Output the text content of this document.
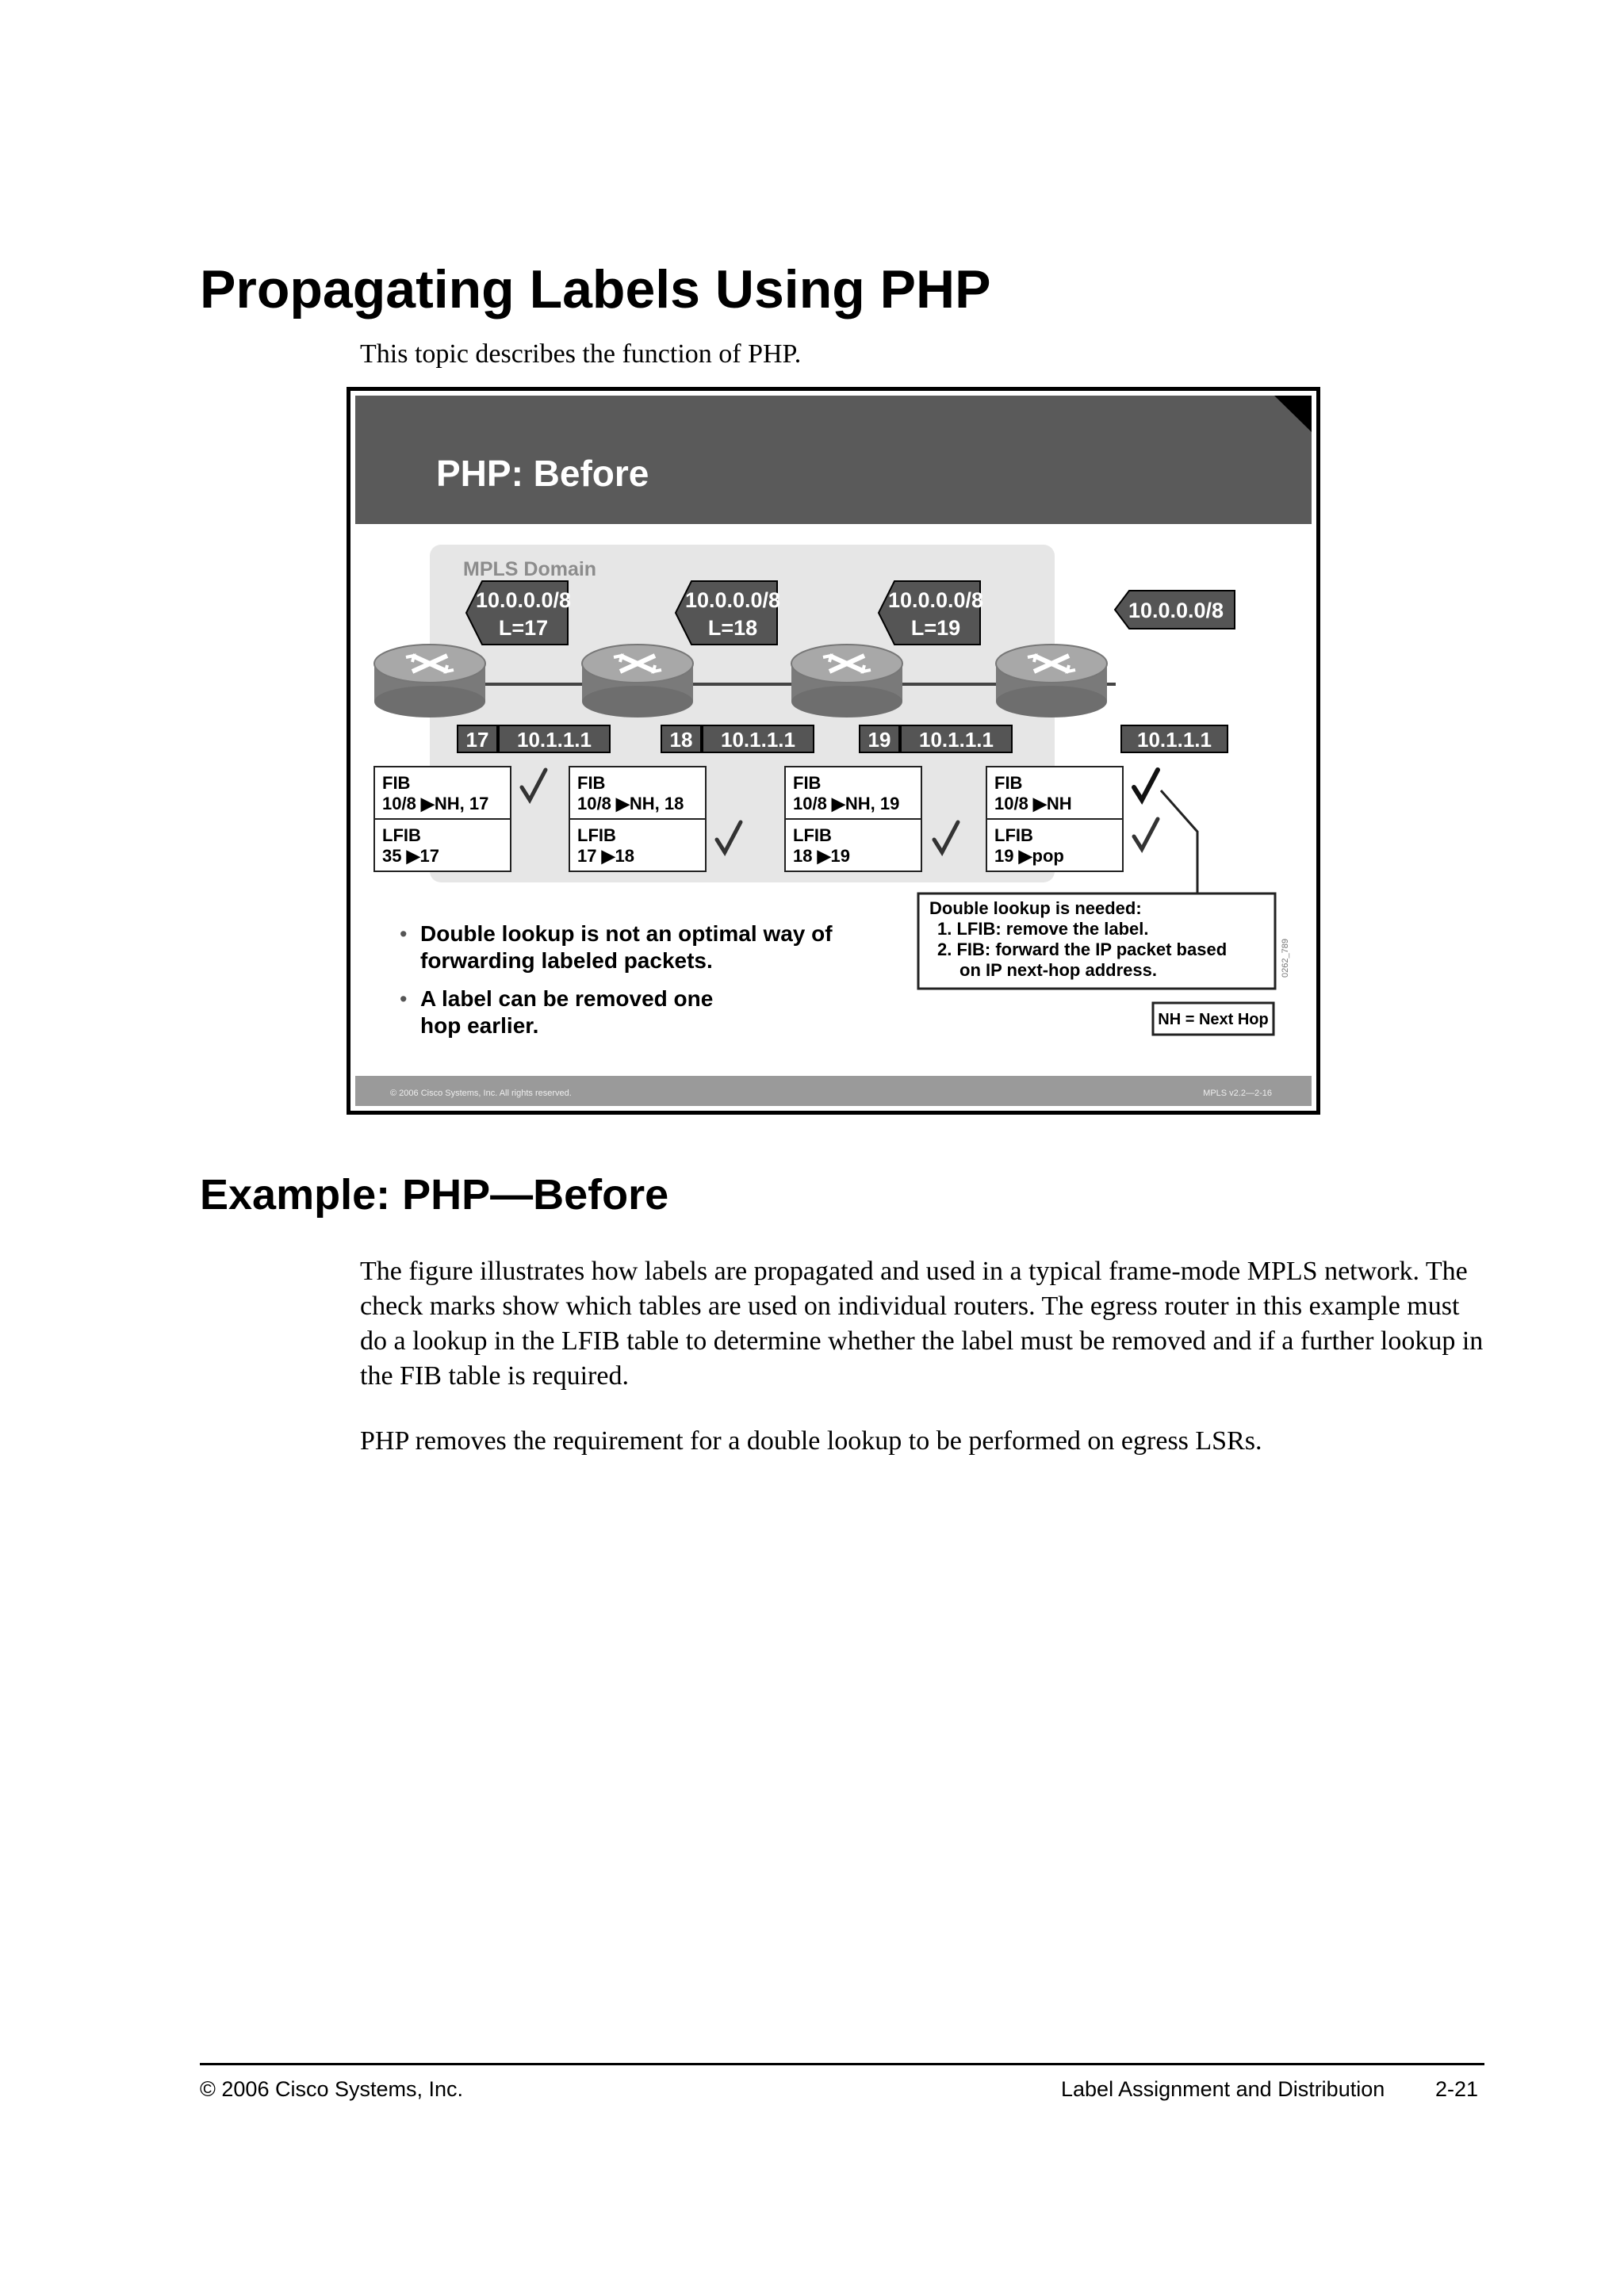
Propagating Labels Using PHP
This topic describes the function of PHP.
PHP: Before
MPLS Domain
10.0.0.0/8
L=17
10.0.0.0/8
L=18
10.0.0.0/8
L=19
10.0.0.0/8
17 10.1.1.1	18 10.1.1.1	19 10.1.1.1	10.1.1.1
FIB
10/8 ▶NH, 17
LFIB
35 ▶17
FIB
10/8 ▶NH, 18
LFIB
17 ▶18
FIB
10/8 ▶NH, 19
LFIB
18 ▶19
FIB
10/8 ▶NH
LFIB
19 ▶pop
Double lookup is needed:
1. LFIB: remove the label.
2. FIB: forward the IP packet based
on IP next-hop address.	0262_789
NH = Next Hop
• Double lookup is not an optimal way of
forwarding labeled packets.
• A label can be removed one
hop earlier.
© 2006 Cisco Systems, Inc. All rights reserved.	MPLS v2.2—2-16
Example: PHP—Before
The figure illustrates how labels are propagated and used in a typical frame-mode MPLS network. The check marks show which tables are used on individual routers. The egress router in this example must do a lookup in the LFIB table to determine whether the label must be removed and if a further lookup in the FIB table is required.
PHP removes the requirement for a double lookup to be performed on egress LSRs.
© 2006 Cisco Systems, Inc.	Label Assignment and Distribution 2-21
